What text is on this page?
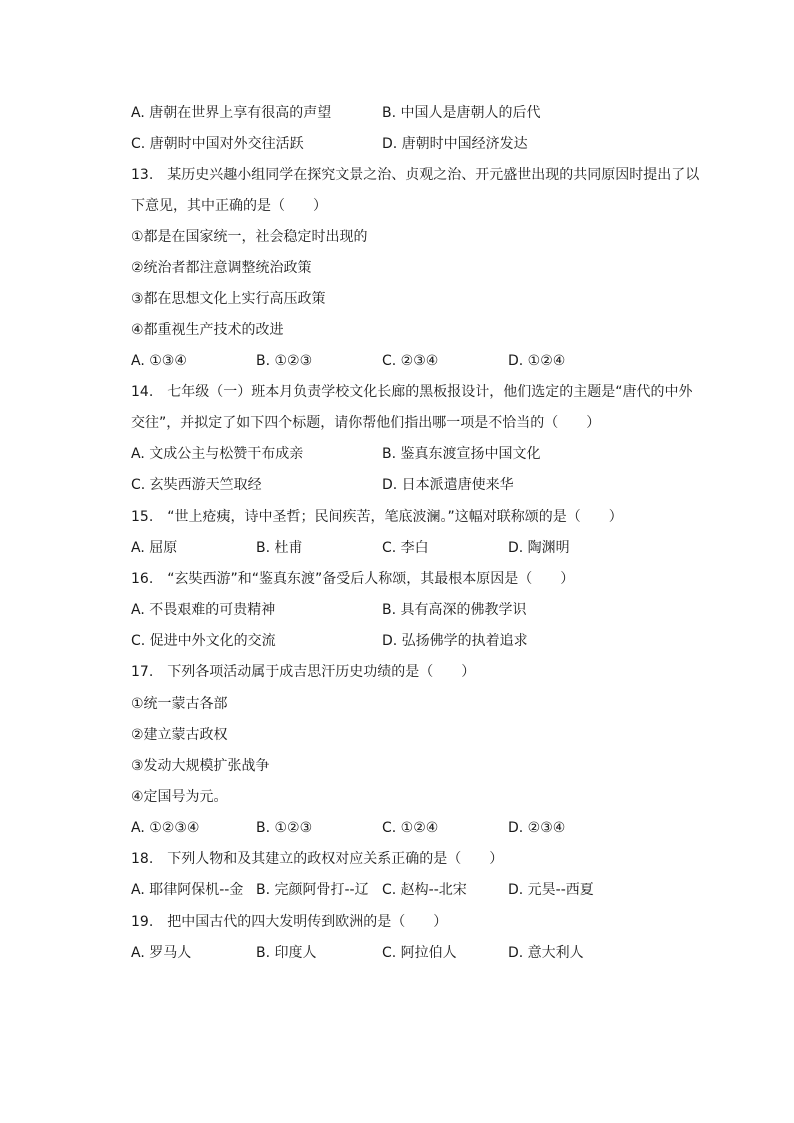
A. 唐朝在世界上享有很高的声望	B. 中国人是唐朝人的后代
C. 唐朝时中国对外交往活跃	D. 唐朝时中国经济发达
13.　某历史兴趣小组同学在探究文景之治、贞观之治、开元盛世出现的共同原因时提出了以
下意见，其中正确的是（　　）
①都是在国家统一，社会稳定时出现的
②统治者都注意调整统治政策
③都在思想文化上实行高压政策
④都重视生产技术的改进
A. ①③④	B. ①②③	C. ②③④	D. ①②④
14.　七年级（一）班本月负责学校文化长廊的黑板报设计，他们选定的主题是“唐代的中外
交往”，并拟定了如下四个标题，请你帮他们指出哪一项是不恰当的（　　）
A. 文成公主与松赞干布成亲	B. 鉴真东渡宣扬中国文化
C. 玄奘西游天竺取经	D. 日本派遣唐使来华
15.　“世上疮痍，诗中圣哲；民间疾苦，笔底波澜。”这幅对联称颂的是（　　）
A. 屈原	B. 杜甫	C. 李白	D. 陶渊明
16.　“玄奘西游”和“鉴真东渡”备受后人称颂，其最根本原因是（　　）
A. 不畏艰难的可贵精神	B. 具有高深的佛教学识
C. 促进中外文化的交流	D. 弘扬佛学的执着追求
17.　下列各项活动属于成吉思汗历史功绩的是（　　）
①统一蒙古各部
②建立蒙古政权
③发动大规模扩张战争
④定国号为元。
A. ①②③④	B. ①②③	C. ①②④	D. ②③④
18.　下列人物和及其建立的政权对应关系正确的是（　　）
A. 耶律阿保机--金 B. 完颜阿骨打--辽 C. 赵构--北宋	D. 元昊--西夏
19.　把中国古代的四大发明传到欧洲的是（　　）
A. 罗马人	B. 印度人	C. 阿拉伯人	D. 意大利人
